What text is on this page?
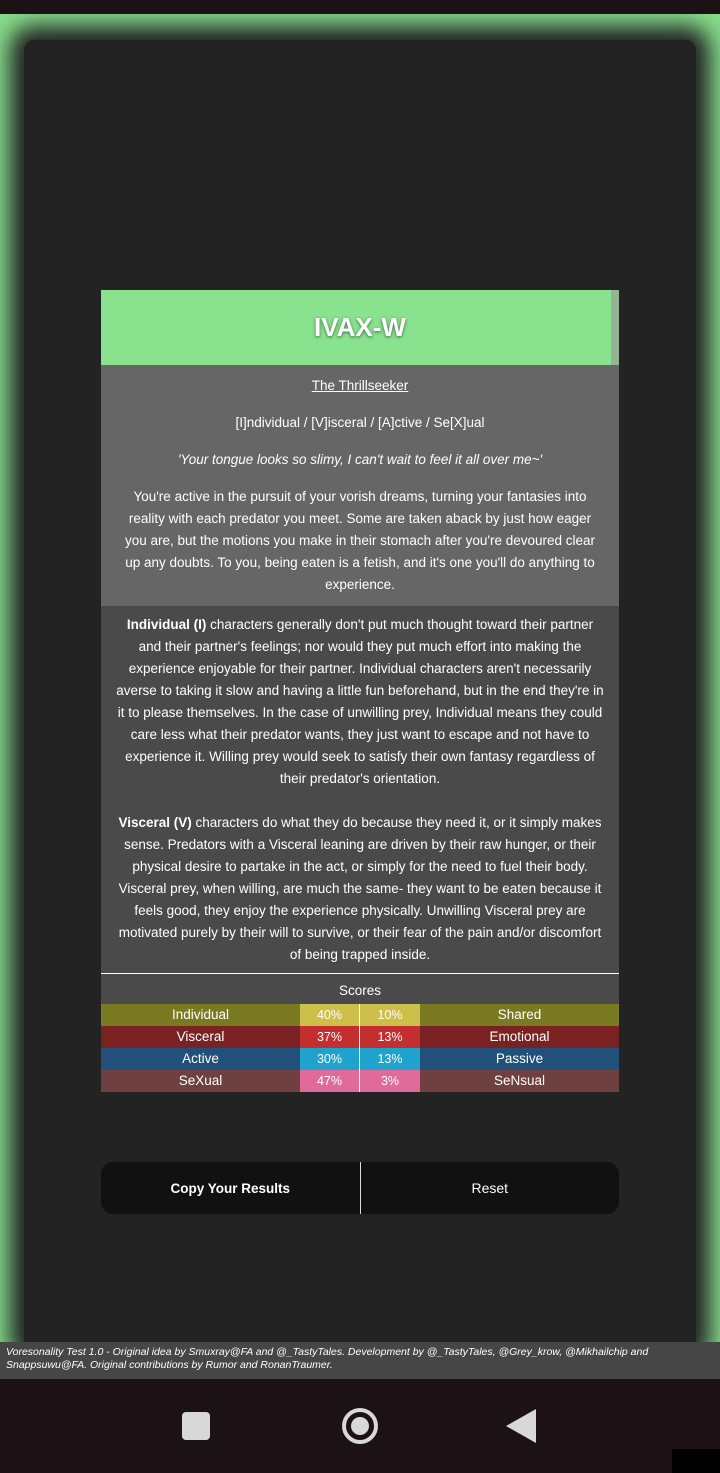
IVAX-W

The Thrillseeker

[I]ndividual / [V]isceral / [A]ctive / Se[X]ual

'Your tongue looks so slimy, I can't wait to feel it all over me~'

You're active in the pursuit of your vorish dreams, turning your fantasies into reality with each predator you meet. Some are taken aback by just how eager you are, but the motions you make in their stomach after you're devoured clear up any doubts. To you, being eaten is a fetish, and it's one you'll do anything to experience.

Individual (I) characters generally don't put much thought toward their partner and their partner's feelings; nor would they put much effort into making the experience enjoyable for their partner. Individual characters aren't necessarily averse to taking it slow and having a little fun beforehand, but in the end they're in it to please themselves. In the case of unwilling prey, Individual means they could care less what their predator wants, they just want to escape and not have to experience it. Willing prey would seek to satisfy their own fantasy regardless of their predator's orientation.

Visceral (V) characters do what they do because they need it, or it simply makes sense. Predators with a Visceral leaning are driven by their raw hunger, or their physical desire to partake in the act, or simply for the need to fuel their body. Visceral prey, when willing, are much the same- they want to be eaten because it feels good, they enjoy the experience physically. Unwilling Visceral prey are motivated purely by their will to survive, or their fear of the pain and/or discomfort of being trapped inside.

Scores
Individual	40%	10%	Shared
Visceral	37%	13%	Emotional
Active	30%	13%	Passive
SeXual	47%	3%	SeNsual
Copy Your Results	Reset
Voresonality Test 1.0 - Original idea by Smuxray@FA and @_TastyTales. Development by @_TastyTales, @Grey_krow, @Mikhailchip and Snappsuwu@FA. Original contributions by Rumor and RonanTraumer.
